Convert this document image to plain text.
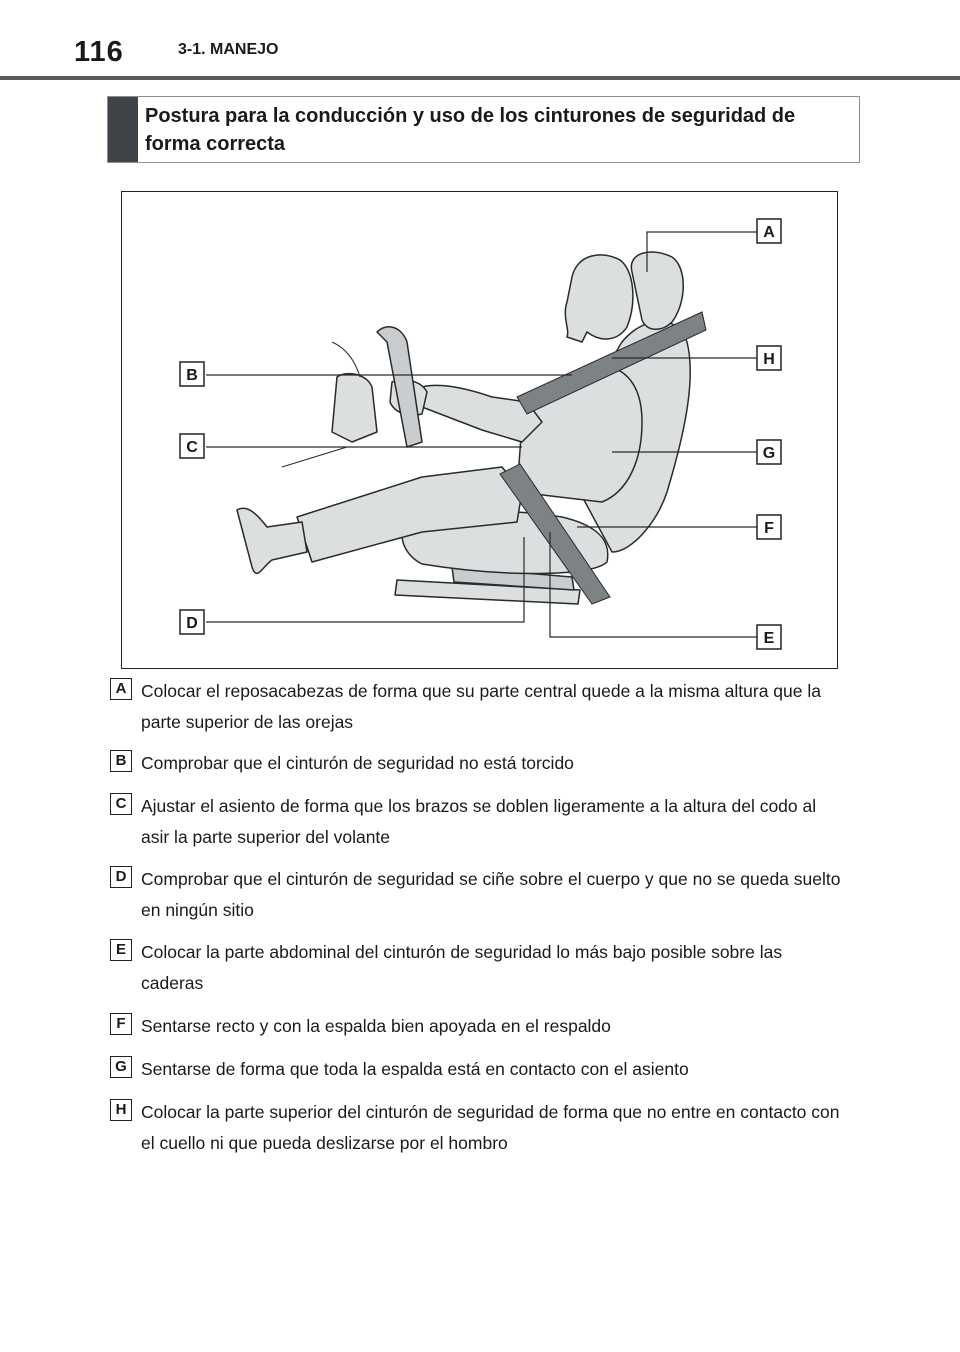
116	3-1. MANEJO
Postura para la conducción y uso de los cinturones de seguridad de forma correcta
A
B
C
D
E
F
G
H
A Colocar el reposacabezas de forma que su parte central quede a la misma altura que la parte superior de las orejas
B Comprobar que el cinturón de seguridad no está torcido
C Ajustar el asiento de forma que los brazos se doblen ligeramente a la altura del codo al asir la parte superior del volante
D Comprobar que el cinturón de seguridad se ciñe sobre el cuerpo y que no se queda suelto en ningún sitio
E Colocar la parte abdominal del cinturón de seguridad lo más bajo posible sobre las caderas
F Sentarse recto y con la espalda bien apoyada en el respaldo
G Sentarse de forma que toda la espalda está en contacto con el asiento
H Colocar la parte superior del cinturón de seguridad de forma que no entre en contacto con el cuello ni que pueda deslizarse por el hombro
